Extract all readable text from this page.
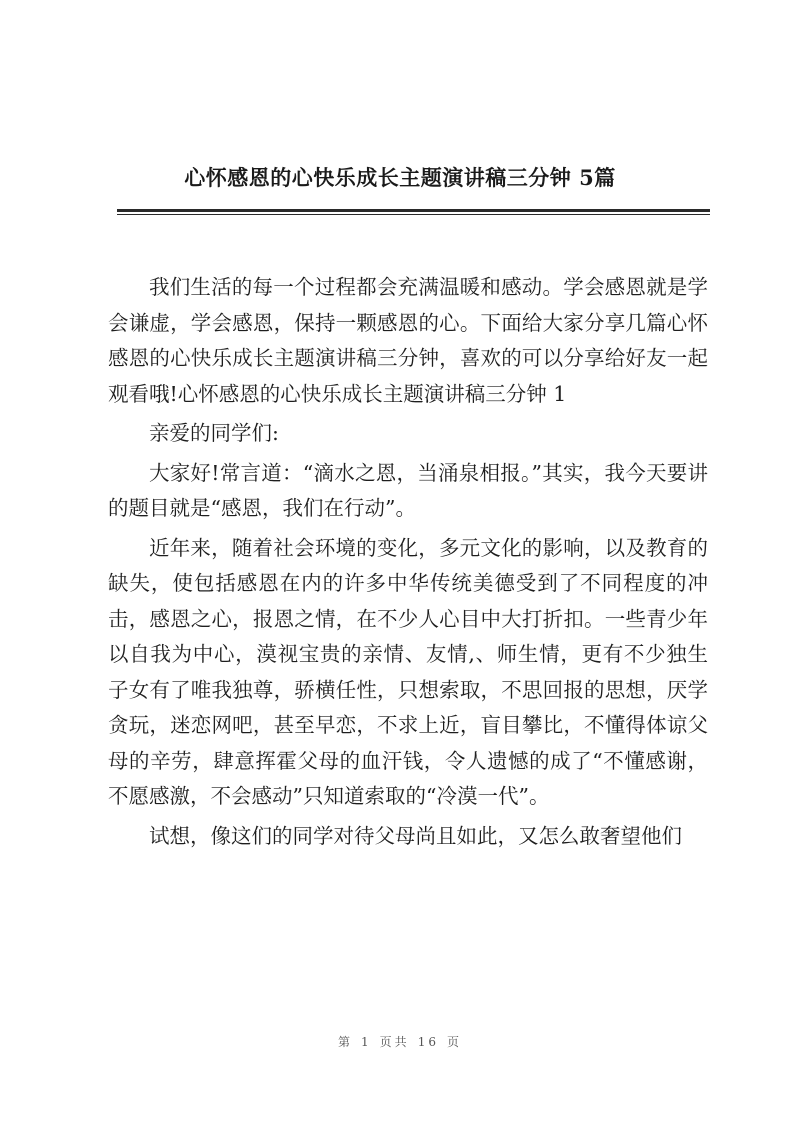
心怀感恩的心快乐成长主题演讲稿三分钟 5篇

我们生活的每一个过程都会充满温暖和感动。学会感恩就是学会谦虚，学会感恩，保持一颗感恩的心。下面给大家分享几篇心怀感恩的心快乐成长主题演讲稿三分钟，喜欢的可以分享给好友一起观看哦!心怀感恩的心快乐成长主题演讲稿三分钟 1

亲爱的同学们:

大家好!常言道：“滴水之恩，当涌泉相报。”其实，我今天要讲的题目就是“感恩，我们在行动”。

近年来，随着社会环境的变化，多元文化的影响，以及教育的缺失，使包括感恩在内的许多中华传统美德受到了不同程度的冲击，感恩之心，报恩之情，在不少人心目中大打折扣。一些青少年以自我为中心，漠视宝贵的亲情、友情,、师生情，更有不少独生子女有了唯我独尊，骄横任性，只想索取，不思回报的思想，厌学贪玩，迷恋网吧，甚至早恋，不求上近，盲目攀比，不懂得体谅父母的辛劳，肆意挥霍父母的血汗钱，令人遗憾的成了“不懂感谢，不愿感激，不会感动”只知道索取的“冷漠一代”。

试想，像这们的同学对待父母尚且如此，又怎么敢奢望他们

第 1 页共 16 页
